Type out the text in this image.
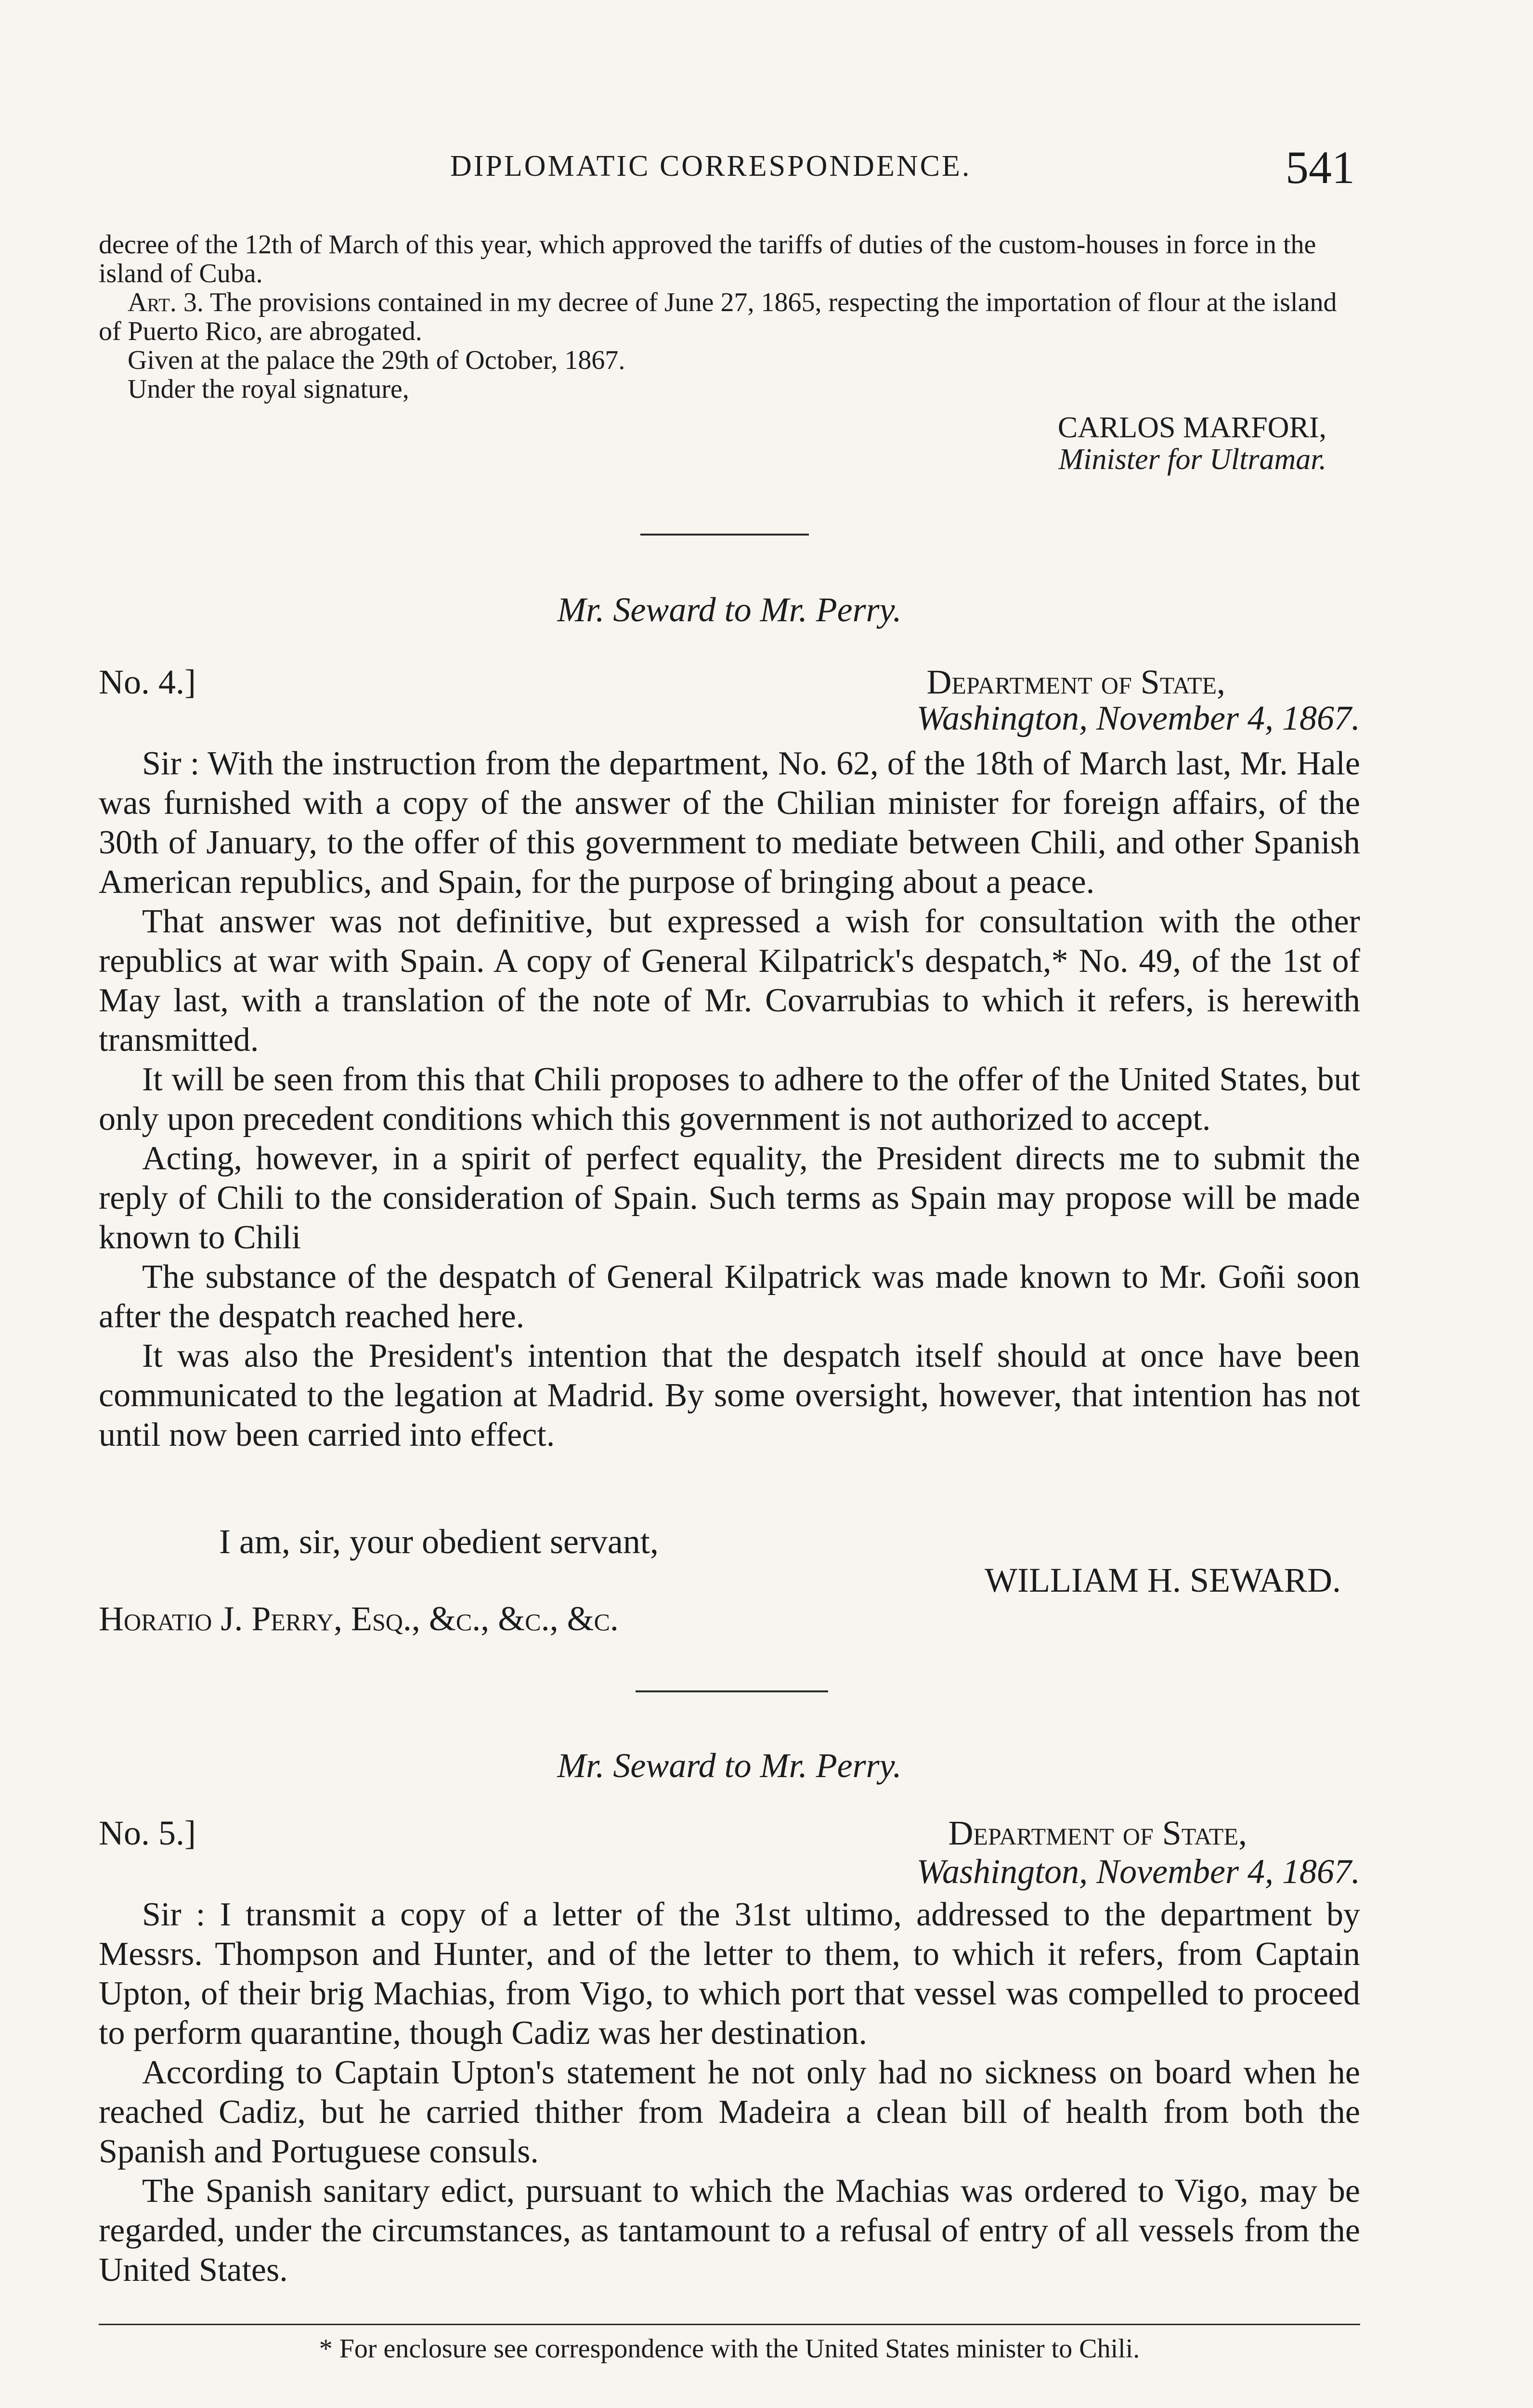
DIPLOMATIC CORRESPONDENCE.	541

decree of the 12th of March of this year, which approved the tariffs of duties of the custom-houses in force in the island of Cuba.

Art. 3. The provisions contained in my decree of June 27, 1865, respecting the importation of flour at the island of Puerto Rico, are abrogated.

Given at the palace the 29th of October, 1867.

Under the royal signature,

CARLOS MARFORI,
Minister for Ultramar.
Mr. Seward to Mr. Perry.
No. 4.]	Department of State,
Washington, November 4, 1867.

Sir : With the instruction from the department, No. 62, of the 18th of March last, Mr. Hale was furnished with a copy of the answer of the Chilian minister for foreign affairs, of the 30th of January, to the offer of this government to mediate between Chili, and other Spanish American republics, and Spain, for the purpose of bringing about a peace.

That answer was not definitive, but expressed a wish for consultation with the other republics at war with Spain. A copy of General Kilpatrick's despatch,* No. 49, of the 1st of May last, with a translation of the note of Mr. Covarrubias to which it refers, is herewith transmitted.

It will be seen from this that Chili proposes to adhere to the offer of the United States, but only upon precedent conditions which this government is not authorized to accept.

Acting, however, in a spirit of perfect equality, the President directs me to submit the reply of Chili to the consideration of Spain. Such terms as Spain may propose will be made known to Chili

The substance of the despatch of General Kilpatrick was made known to Mr. Goñi soon after the despatch reached here.

It was also the President's intention that the despatch itself should at once have been communicated to the legation at Madrid. By some oversight, however, that intention has not until now been carried into effect.

I am, sir, your obedient servant,
WILLIAM H. SEWARD.
Horatio J. Perry, Esq., &c., &c., &c.
Mr. Seward to Mr. Perry.
No. 5.]	Department of State,
Washington, November 4, 1867.

Sir : I transmit a copy of a letter of the 31st ultimo, addressed to the department by Messrs. Thompson and Hunter, and of the letter to them, to which it refers, from Captain Upton, of their brig Machias, from Vigo, to which port that vessel was compelled to proceed to perform quarantine, though Cadiz was her destination.

According to Captain Upton's statement he not only had no sickness on board when he reached Cadiz, but he carried thither from Madeira a clean bill of health from both the Spanish and Portuguese consuls.

The Spanish sanitary edict, pursuant to which the Machias was ordered to Vigo, may be regarded, under the circumstances, as tantamount to a refusal of entry of all vessels from the United States.

* For enclosure see correspondence with the United States minister to Chili.
